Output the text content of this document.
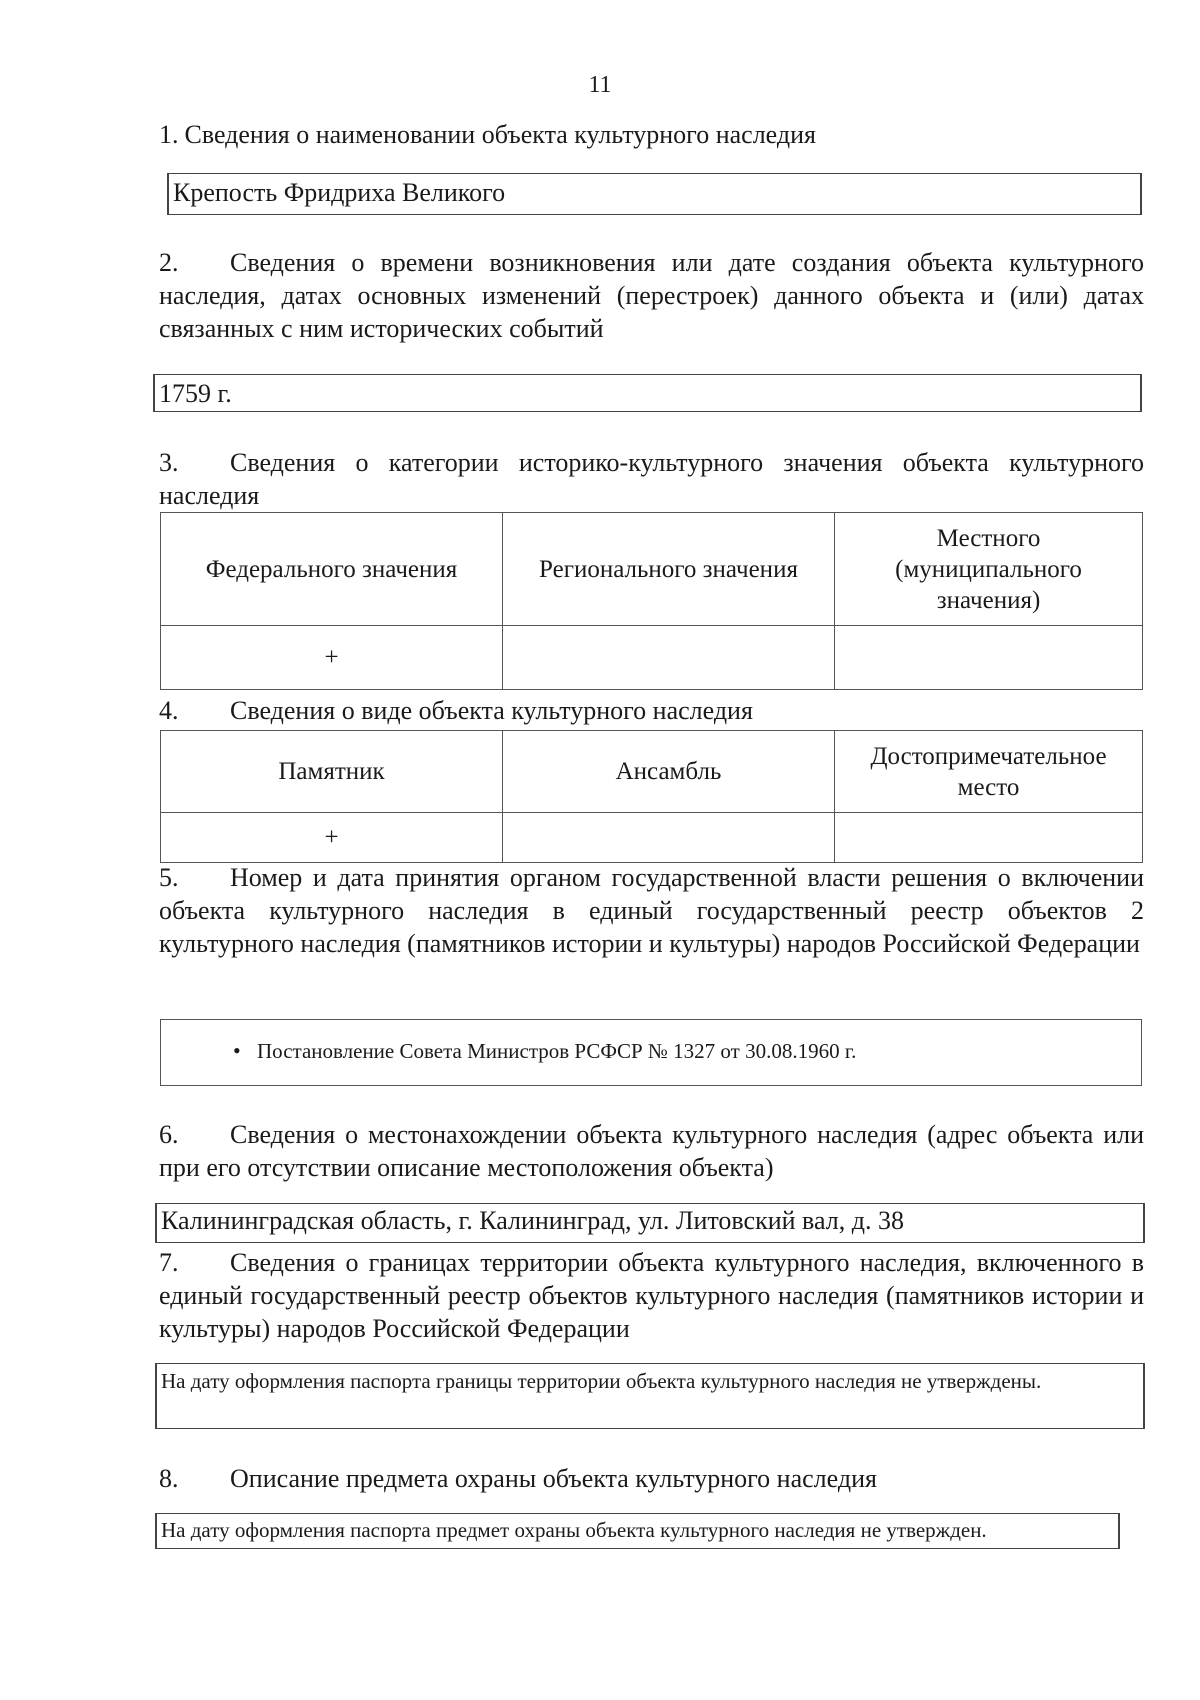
11
1. Сведения о наименовании объекта культурного наследия
Крепость Фридриха Великого
2. Сведения о времени возникновения или дате создания объекта культурного наследия, датах основных изменений (перестроек) данного объекта и (или) датах связанных с ним исторических событий
1759 г.
3. Сведения о категории историко-культурного значения объекта культурного наследия
Федерального значения	Регионального значения	Местного (муниципального значения)
+		
4. Сведения о виде объекта культурного наследия
Памятник	Ансамбль	Достопримечательное место
+		
5. Номер и дата принятия органом государственной власти решения о включении объекта культурного наследия в единый государственный реестр объектов 2 культурного наследия (памятников истории и культуры) народов Российской Федерации
• Постановление Совета Министров РСФСР № 1327 от 30.08.1960 г.
6. Сведения о местонахождении объекта культурного наследия (адрес объекта или при его отсутствии описание местоположения объекта)
Калининградская область, г. Калининград, ул. Литовский вал, д. 38
7. Сведения о границах территории объекта культурного наследия, включенного в единый государственный реестр объектов культурного наследия (памятников истории и культуры) народов Российской Федерации
На дату оформления паспорта границы территории объекта культурного наследия не утверждены.
8. Описание предмета охраны объекта культурного наследия
На дату оформления паспорта предмет охраны объекта культурного наследия не утвержден.
